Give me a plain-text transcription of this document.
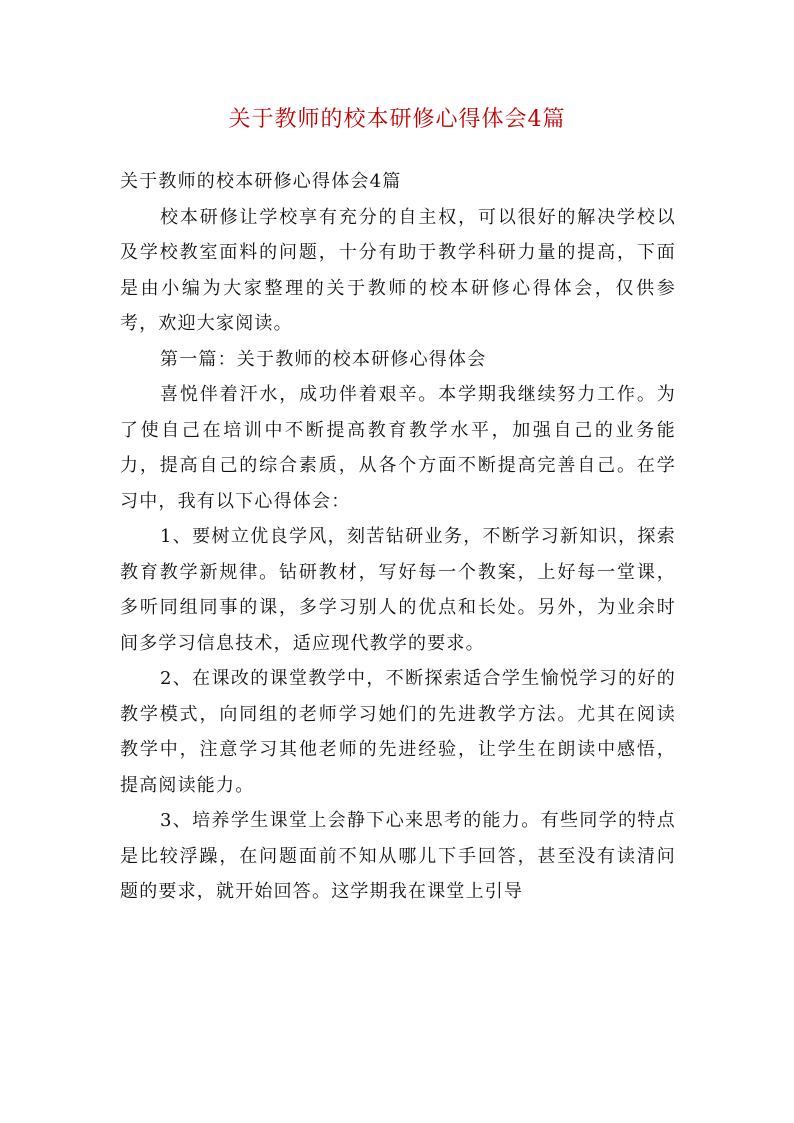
关于教师的校本研修心得体会4篇

关于教师的校本研修心得体会4篇

校本研修让学校享有充分的自主权，可以很好的解决学校以及学校教室面料的问题，十分有助于教学科研力量的提高，下面是由小编为大家整理的关于教师的校本研修心得体会，仅供参考，欢迎大家阅读。

第一篇：关于教师的校本研修心得体会

喜悦伴着汗水，成功伴着艰辛。本学期我继续努力工作。为了使自己在培训中不断提高教育教学水平，加强自己的业务能力，提高自己的综合素质，从各个方面不断提高完善自己。在学习中，我有以下心得体会：

1、要树立优良学风，刻苦钻研业务，不断学习新知识，探索教育教学新规律。钻研教材，写好每一个教案，上好每一堂课，多听同组同事的课，多学习别人的优点和长处。另外，为业余时间多学习信息技术，适应现代教学的要求。

2、在课改的课堂教学中，不断探索适合学生愉悦学习的好的教学模式，向同组的老师学习她们的先进教学方法。尤其在阅读教学中，注意学习其他老师的先进经验，让学生在朗读中感悟，提高阅读能力。

3、培养学生课堂上会静下心来思考的能力。有些同学的特点是比较浮躁，在问题面前不知从哪儿下手回答，甚至没有读清问题的要求，就开始回答。这学期我在课堂上引导
